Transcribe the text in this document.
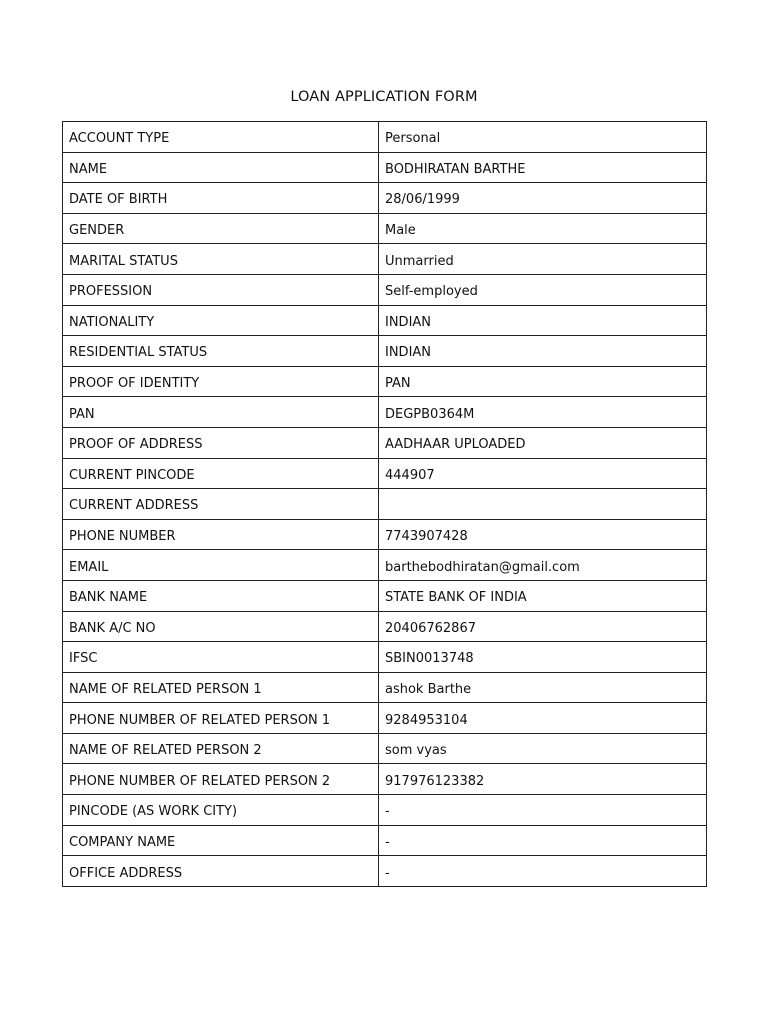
LOAN APPLICATION FORM
ACCOUNT TYPE	Personal
NAME	BODHIRATAN BARTHE
DATE OF BIRTH	28/06/1999
GENDER	Male
MARITAL STATUS	Unmarried
PROFESSION	Self-employed
NATIONALITY	INDIAN
RESIDENTIAL STATUS	INDIAN
PROOF OF IDENTITY	PAN
PAN	DEGPB0364M
PROOF OF ADDRESS	AADHAAR UPLOADED
CURRENT PINCODE	444907
CURRENT ADDRESS	
PHONE NUMBER	7743907428
EMAIL	barthebodhiratan@gmail.com
BANK NAME	STATE BANK OF INDIA
BANK A/C NO	20406762867
IFSC	SBIN0013748
NAME OF RELATED PERSON 1	ashok Barthe
PHONE NUMBER OF RELATED PERSON 1	9284953104
NAME OF RELATED PERSON 2	som vyas
PHONE NUMBER OF RELATED PERSON 2	917976123382
PINCODE (AS WORK CITY)	-
COMPANY NAME	-
OFFICE ADDRESS	-
